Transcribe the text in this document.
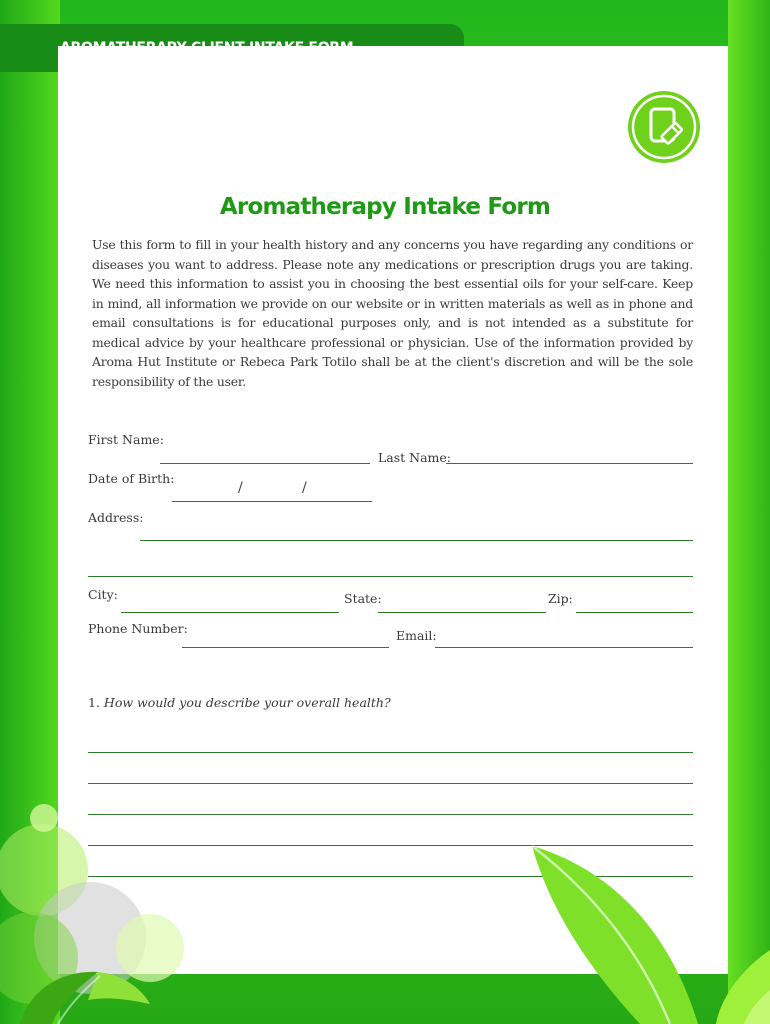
Aromatherapy Intake Form
Use this form to fill in your health history and any concerns you have regarding any conditions or diseases you want to address. Please note any medications or prescription drugs you are taking. We need this information to assist you in choosing the best essential oils for your self-care. Keep in mind, all information we provide on our website or in written materials as well as in phone and email consultations is for educational purposes only, and is not intended as a substitute for medical advice by your healthcare professional or physician. Use of the information provided by Aroma Hut Institute or Rebeca Park Totilo shall be at the client's discretion and will be the sole responsibility of the user.
First Name:
Last Name:
Date of Birth:
/	/
Address:
City:	State:	Zip:
Phone Number:	Email:
1. How would you describe your overall health?
